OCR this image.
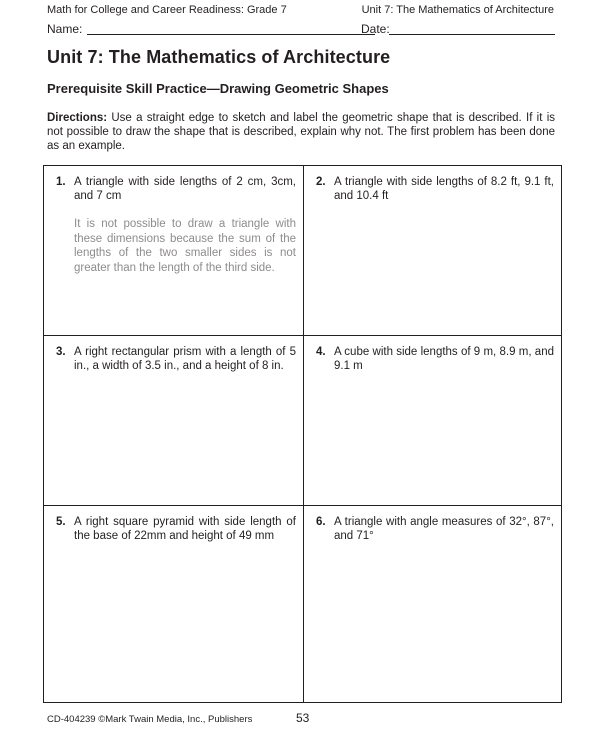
Math for College and Career Readiness: Grade 7	Unit 7: The Mathematics of Architecture
Name:	Date:
Unit 7: The Mathematics of Architecture
Prerequisite Skill Practice—Drawing Geometric Shapes
Directions: Use a straight edge to sketch and label the geometric shape that is described. If it is not possible to draw the shape that is described, explain why not. The first problem has been done as an example.
1. A triangle with side lengths of 2 cm, 3cm, and 7 cm
It is not possible to draw a triangle with these dimensions because the sum of the lengths of the two smaller sides is not greater than the length of the third side.
2. A triangle with side lengths of 8.2 ft, 9.1 ft, and 10.4 ft
3. A right rectangular prism with a length of 5 in., a width of 3.5 in., and a height of 8 in.
4. A cube with side lengths of 9 m, 8.9 m, and 9.1 m
5. A right square pyramid with side length of the base of 22mm and height of 49 mm
6. A triangle with angle measures of 32°, 87°, and 71°
CD-404239 ©Mark Twain Media, Inc., Publishers	53
